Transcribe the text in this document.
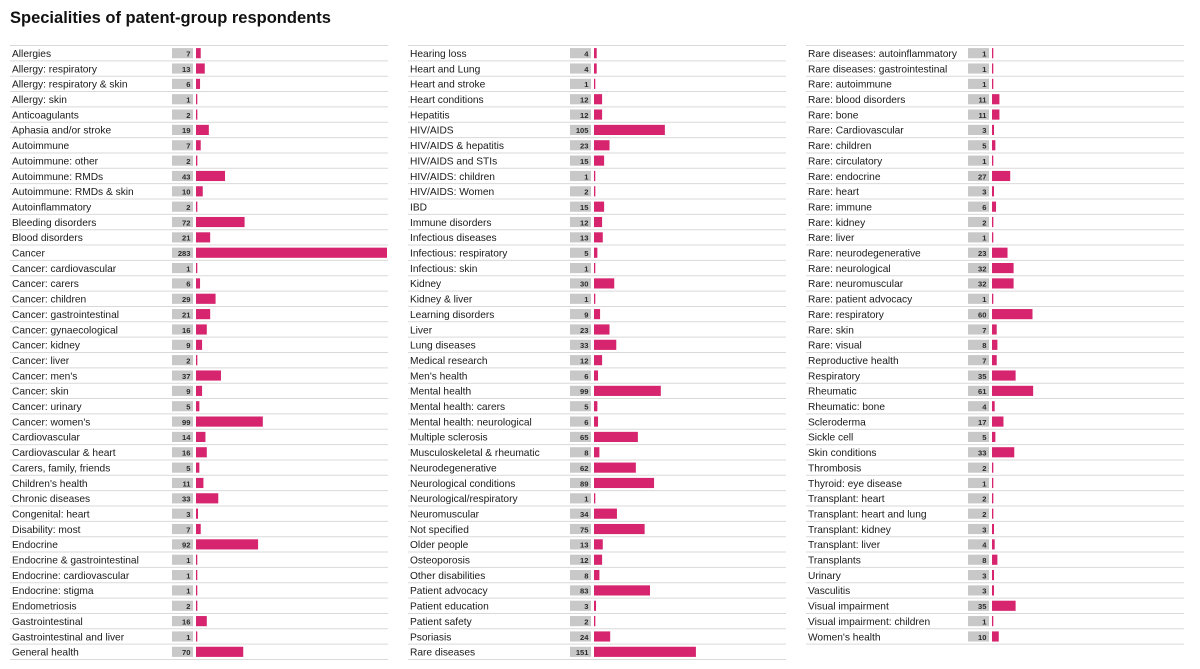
Specialities of patent-group respondents
Allergies	7
Allergy: respiratory	13
Allergy: respiratory & skin	6
Allergy: skin	1
Anticoagulants	2
Aphasia and/or stroke	19
Autoimmune	7
Autoimmune: other	2
Autoimmune: RMDs	43
Autoimmune: RMDs & skin	10
Autoinflammatory	2
Bleeding disorders	72
Blood disorders	21
Cancer	283
Cancer: cardiovascular	1
Cancer: carers	6
Cancer: children	29
Cancer: gastrointestinal	21
Cancer: gynaecological	16
Cancer: kidney	9
Cancer: liver	2
Cancer: men's	37
Cancer: skin	9
Cancer: urinary	5
Cancer: women's	99
Cardiovascular	14
Cardiovascular & heart	16
Carers, family, friends	5
Children's health	11
Chronic diseases	33
Congenital: heart	3
Disability: most	7
Endocrine	92
Endocrine & gastrointestinal	1
Endocrine: cardiovascular	1
Endocrine: stigma	1
Endometriosis	2
Gastrointestinal	16
Gastrointestinal and liver	1
General health	70
Hearing loss	4
Heart and Lung	4
Heart and stroke	1
Heart conditions	12
Hepatitis	12
HIV/AIDS	105
HIV/AIDS & hepatitis	23
HIV/AIDS and STIs	15
HIV/AIDS: children	1
HIV/AIDS: Women	2
IBD	15
Immune disorders	12
Infectious diseases	13
Infectious: respiratory	5
Infectious: skin	1
Kidney	30
Kidney & liver	1
Learning disorders	9
Liver	23
Lung diseases	33
Medical research	12
Men's health	6
Mental health	99
Mental health: carers	5
Mental health: neurological	6
Multiple sclerosis	65
Musculoskeletal & rheumatic	8
Neurodegenerative	62
Neurological conditions	89
Neurological/respiratory	1
Neuromuscular	34
Not specified	75
Older people	13
Osteoporosis	12
Other disabilities	8
Patient advocacy	83
Patient education	3
Patient safety	2
Psoriasis	24
Rare diseases	151
Rare diseases: autoinflammatory	1
Rare diseases: gastrointestinal	1
Rare: autoimmune	1
Rare: blood disorders	11
Rare: bone	11
Rare: Cardiovascular	3
Rare: children	5
Rare: circulatory	1
Rare: endocrine	27
Rare: heart	3
Rare: immune	6
Rare: kidney	2
Rare: liver	1
Rare: neurodegenerative	23
Rare: neurological	32
Rare: neuromuscular	32
Rare: patient advocacy	1
Rare: respiratory	60
Rare: skin	7
Rare: visual	8
Reproductive health	7
Respiratory	35
Rheumatic	61
Rheumatic: bone	4
Scleroderma	17
Sickle cell	5
Skin conditions	33
Thrombosis	2
Thyroid: eye disease	1
Transplant: heart	2
Transplant: heart and lung	2
Transplant: kidney	3
Transplant: liver	4
Transplants	8
Urinary	3
Vasculitis	3
Visual impairment	35
Visual impairment: children	1
Women's health	10
